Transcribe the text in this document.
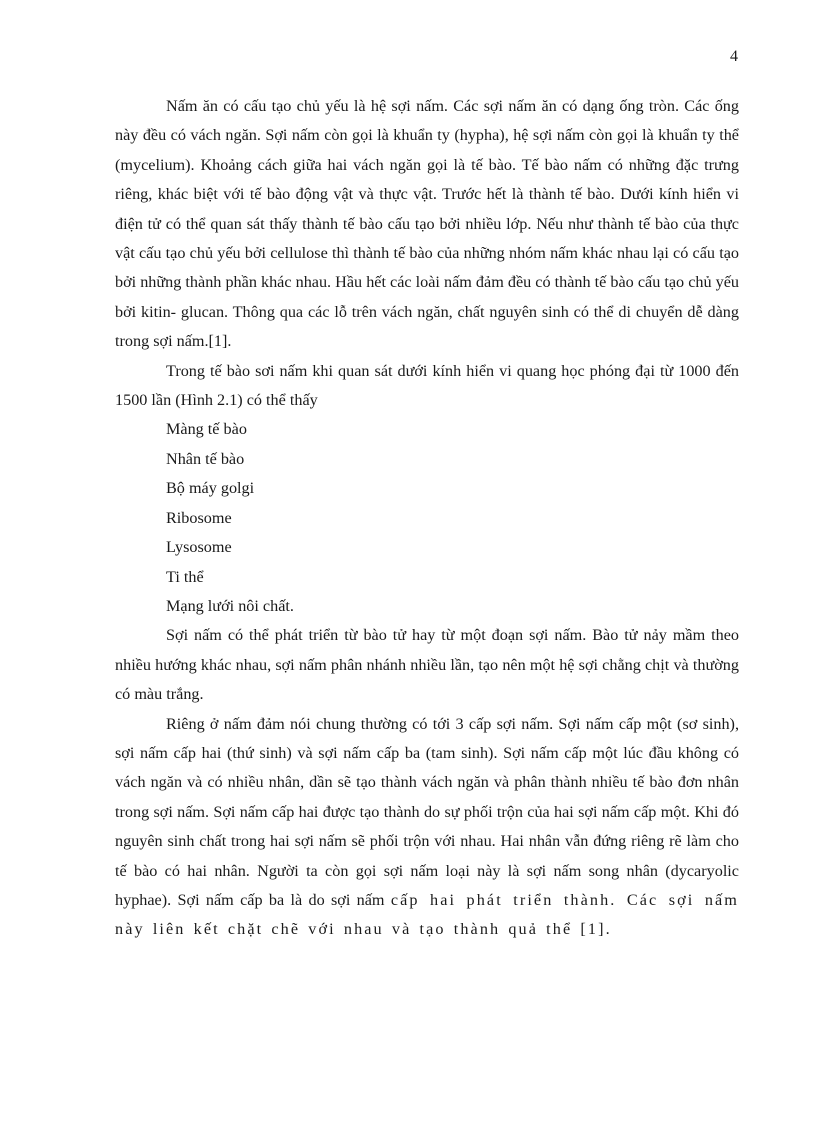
4

Nấm ăn có cấu tạo chủ yếu là hệ sợi nấm. Các sợi nấm ăn có dạng ống tròn. Các ống này đều có vách ngăn. Sợi nấm còn gọi là khuẩn ty (hypha), hệ sợi nấm còn gọi là khuẩn ty thể (mycelium). Khoảng cách giữa hai vách ngăn gọi là tế bào. Tế bào nấm có những đặc trưng riêng, khác biệt với tế bào động vật và thực vật. Trước hết là thành tế bào. Dưới kính hiển vi điện tử có thể quan sát thấy thành tế bào cấu tạo bởi nhiều lớp. Nếu như thành tế bào của thực vật cấu tạo chủ yếu bởi cellulose thì thành tế bào của những nhóm nấm khác nhau lại có cấu tạo bởi những thành phần khác nhau. Hầu hết các loài nấm đảm đều có thành tế bào cấu tạo chủ yếu bởi kitin- glucan. Thông qua các lỗ trên vách ngăn, chất nguyên sinh có thể di chuyển dễ dàng trong sợi nấm.[1].

Trong tế bào sơi nấm khi quan sát dưới kính hiển vi quang học phóng đại từ 1000 đến 1500 lần (Hình 2.1) có thể thấy

Màng tế bào
Nhân tế bào
Bộ máy golgi
Ribosome
Lysosome
Ti thể
Mạng lưới nôi chất.

Sợi nấm có thể phát triển từ bào tử hay từ một đoạn sợi nấm. Bào tử nảy mầm theo nhiều hướng khác nhau, sợi nấm phân nhánh nhiều lần, tạo nên một hệ sợi chằng chịt và thường có màu trắng.

Riêng ở nấm đảm nói chung thường có tới 3 cấp sợi nấm. Sợi nấm cấp một (sơ sinh), sợi nấm cấp hai (thứ sinh) và sợi nấm cấp ba (tam sinh). Sợi nấm cấp một lúc đầu không có vách ngăn và có nhiều nhân, dần sẽ tạo thành vách ngăn và phân thành nhiều tế bào đơn nhân trong sợi nấm. Sợi nấm cấp hai được tạo thành do sự phối trộn của hai sợi nấm cấp một. Khi đó nguyên sinh chất trong hai sợi nấm sẽ phối trộn với nhau. Hai nhân vẫn đứng riêng rẽ làm cho tế bào có hai nhân. Người ta còn gọi sợi nấm loại này là sợi nấm song nhân (dycaryolic hyphae). Sợi nấm cấp ba là do sợi nấm cấp hai phát triển thành. Các sợi nấm này liên kết chặt chẽ với nhau và tạo thành quả thể [1].
